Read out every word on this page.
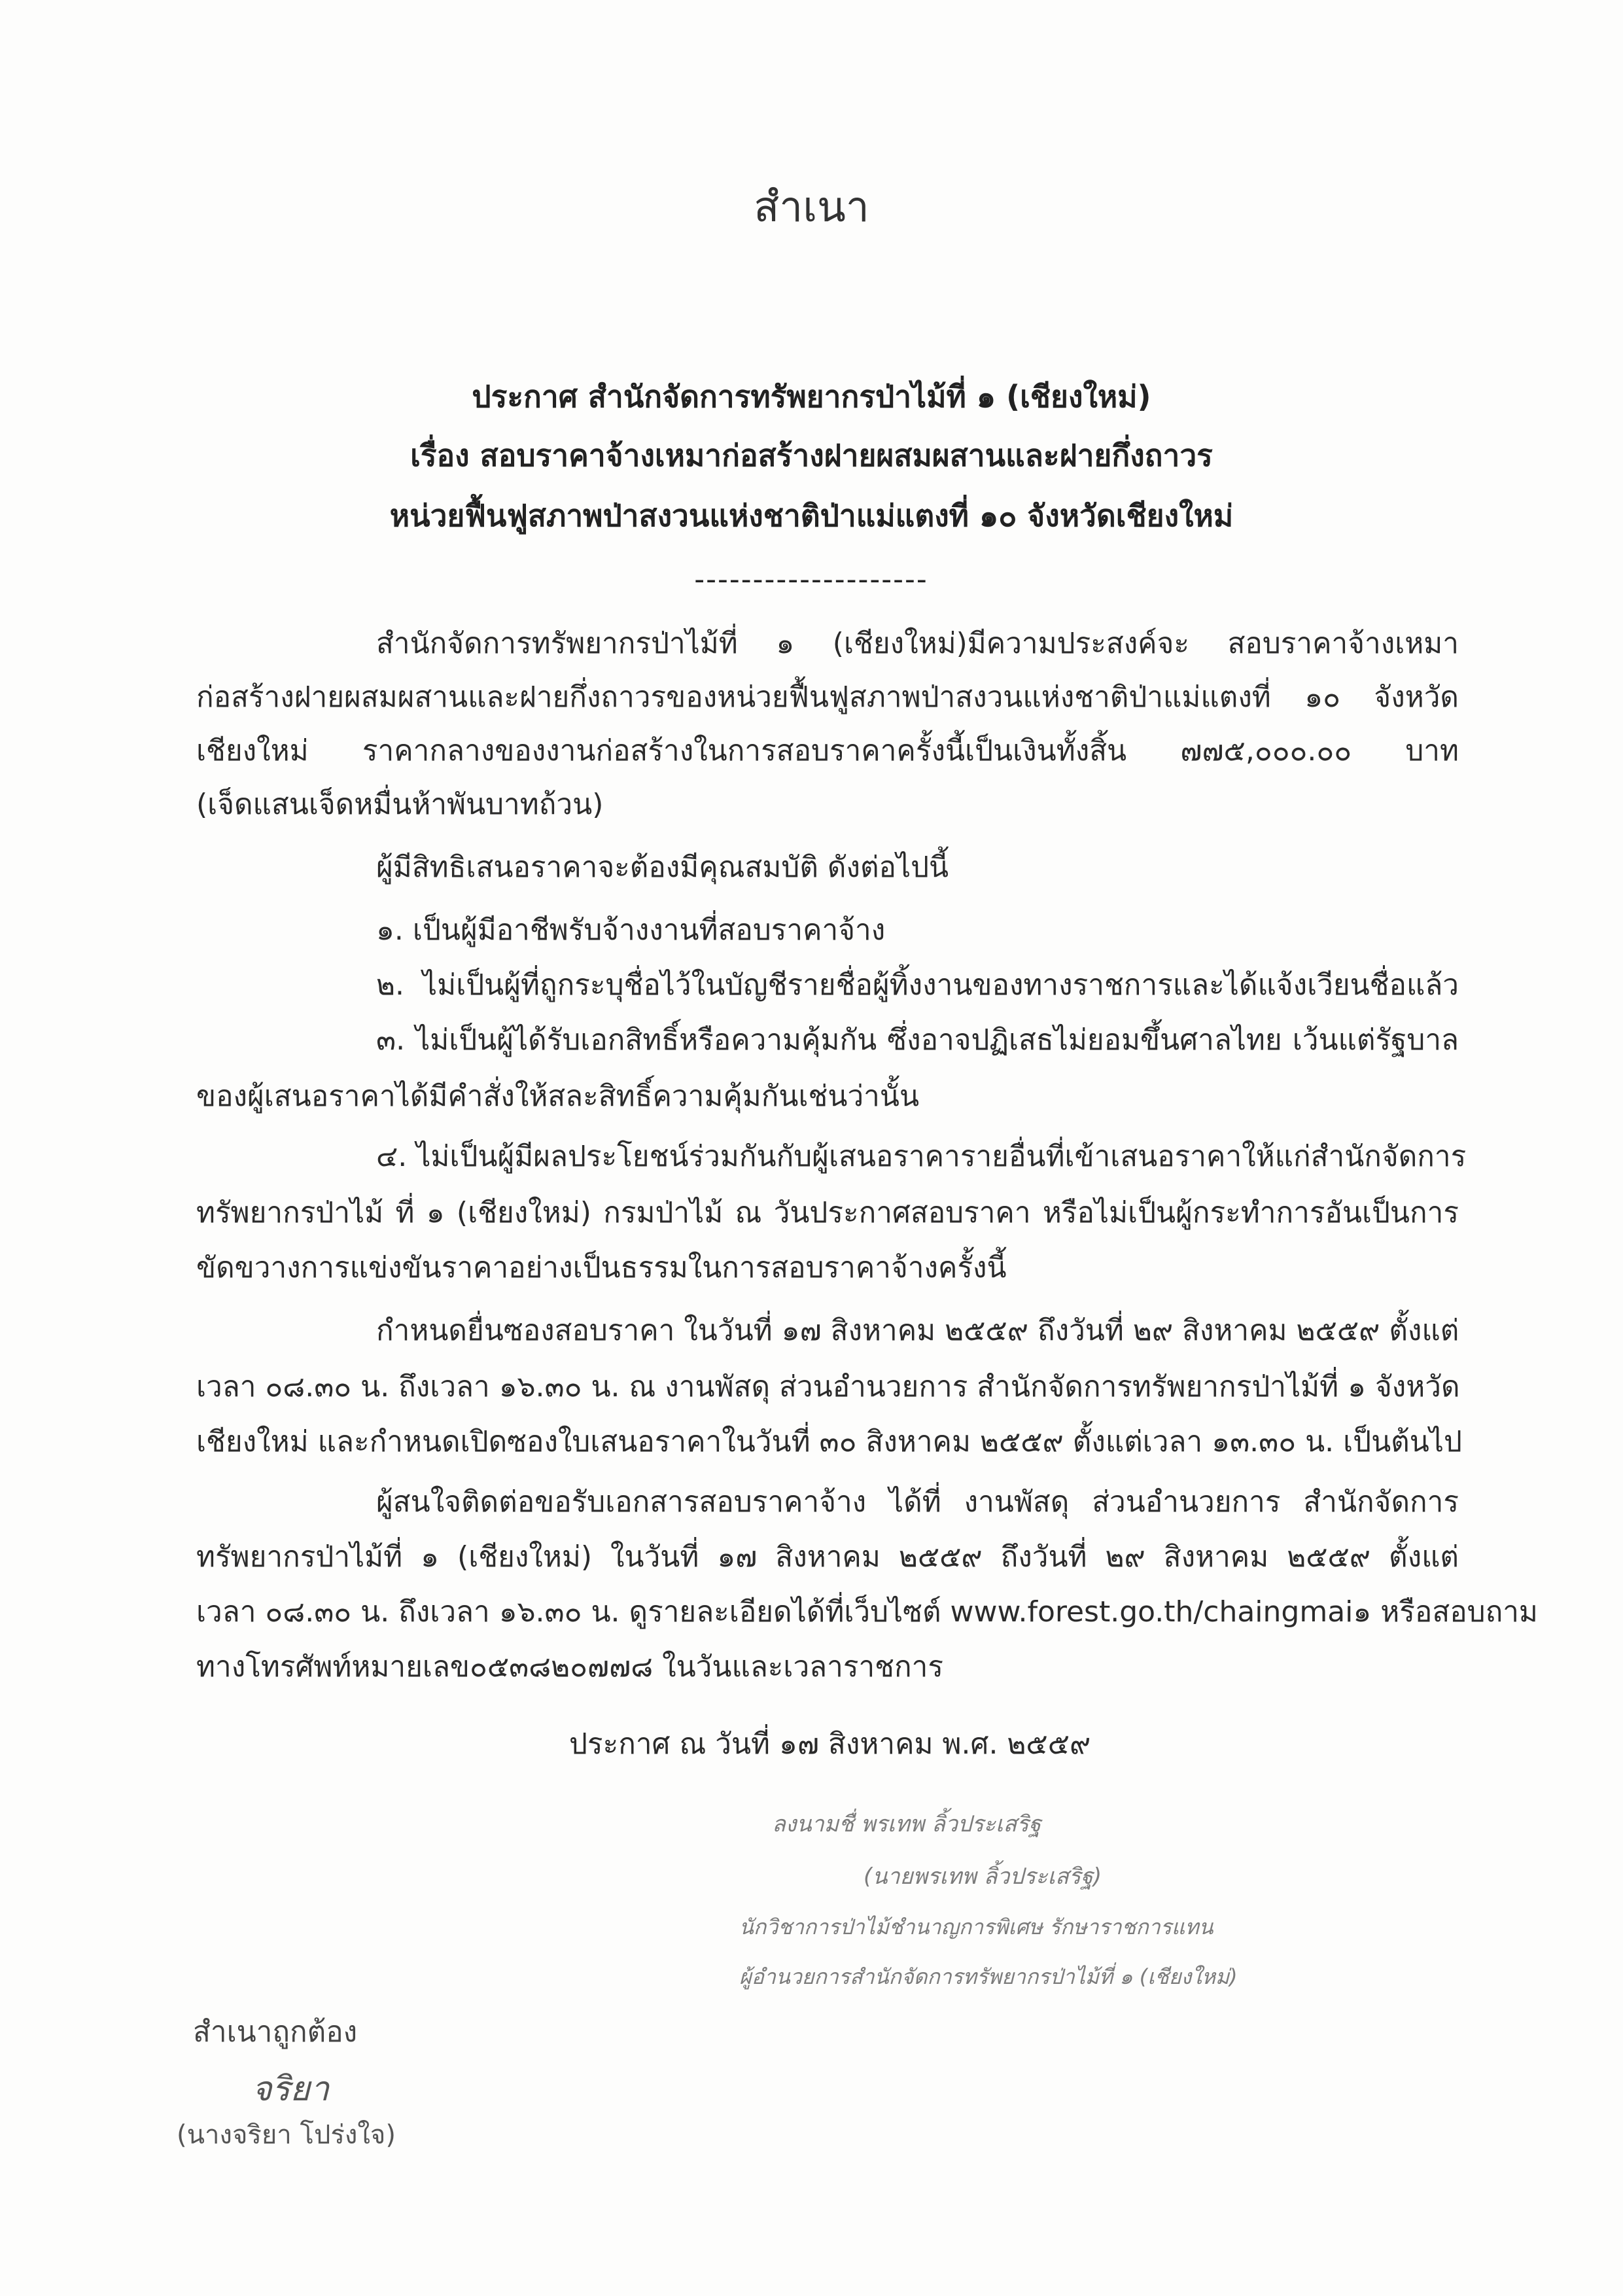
สำเนา
ประกาศ สำนักจัดการทรัพยากรป่าไม้ที่ ๑ (เชียงใหม่)
เรื่อง สอบราคาจ้างเหมาก่อสร้างฝายผสมผสานและฝายกึ่งถาวร
หน่วยฟื้นฟูสภาพป่าสงวนแห่งชาติป่าแม่แตงที่ ๑๐ จังหวัดเชียงใหม่
--------------------
สำนักจัดการทรัพยากรป่าไม้ที่ ๑ (เชียงใหม่)มีความประสงค์จะ สอบราคาจ้างเหมา
ก่อสร้างฝายผสมผสานและฝายกึ่งถาวรของหน่วยฟื้นฟูสภาพป่าสงวนแห่งชาติป่าแม่แตงที่ ๑๐ จังหวัด
เชียงใหม่ ราคากลางของงานก่อสร้างในการสอบราคาครั้งนี้เป็นเงินทั้งสิ้น ๗๗๕,๐๐๐.๐๐ บาท
(เจ็ดแสนเจ็ดหมื่นห้าพันบาทถ้วน)
ผู้มีสิทธิเสนอราคาจะต้องมีคุณสมบัติ ดังต่อไปนี้
๑. เป็นผู้มีอาชีพรับจ้างงานที่สอบราคาจ้าง
๒. ไม่เป็นผู้ที่ถูกระบุชื่อไว้ในบัญชีรายชื่อผู้ทิ้งงานของทางราชการและได้แจ้งเวียนชื่อแล้ว
๓. ไม่เป็นผู้ได้รับเอกสิทธิ์หรือความคุ้มกัน ซึ่งอาจปฏิเสธไม่ยอมขึ้นศาลไทย เว้นแต่รัฐบาล
ของผู้เสนอราคาได้มีคำสั่งให้สละสิทธิ์ความคุ้มกันเช่นว่านั้น
๔. ไม่เป็นผู้มีผลประโยชน์ร่วมกันกับผู้เสนอราคารายอื่นที่เข้าเสนอราคาให้แก่สำนักจัดการ
ทรัพยากรป่าไม้ ที่ ๑ (เชียงใหม่) กรมป่าไม้ ณ วันประกาศสอบราคา หรือไม่เป็นผู้กระทำการอันเป็นการ
ขัดขวางการแข่งขันราคาอย่างเป็นธรรมในการสอบราคาจ้างครั้งนี้
กำหนดยื่นซองสอบราคา ในวันที่ ๑๗ สิงหาคม ๒๕๕๙ ถึงวันที่ ๒๙ สิงหาคม ๒๕๕๙ ตั้งแต่
เวลา ๐๘.๓๐ น. ถึงเวลา ๑๖.๓๐ น. ณ งานพัสดุ ส่วนอำนวยการ สำนักจัดการทรัพยากรป่าไม้ที่ ๑ จังหวัด
เชียงใหม่ และกำหนดเปิดซองใบเสนอราคาในวันที่ ๓๐ สิงหาคม ๒๕๕๙ ตั้งแต่เวลา ๑๓.๓๐ น. เป็นต้นไป
ผู้สนใจติดต่อขอรับเอกสารสอบราคาจ้าง ได้ที่ งานพัสดุ ส่วนอำนวยการ สำนักจัดการ
ทรัพยากรป่าไม้ที่ ๑ (เชียงใหม่) ในวันที่ ๑๗ สิงหาคม ๒๕๕๙ ถึงวันที่ ๒๙ สิงหาคม ๒๕๕๙ ตั้งแต่
เวลา ๐๘.๓๐ น. ถึงเวลา ๑๖.๓๐ น. ดูรายละเอียดได้ที่เว็บไซต์ www.forest.go.th/chaingmai๑ หรือสอบถาม
ทางโทรศัพท์หมายเลข๐๕๓๘๒๐๗๗๘ ในวันและเวลาราชการ
ประกาศ ณ วันที่ ๑๗ สิงหาคม พ.ศ. ๒๕๕๙
ลงนามชื่ พรเทพ ลิ้วประเสริฐ
(นายพรเทพ ลิ้วประเสริฐ)
นักวิชาการป่าไม้ชำนาญการพิเศษ รักษาราชการแทน
ผู้อำนวยการสำนักจัดการทรัพยากรป่าไม้ที่ ๑ (เชียงใหม่)
สำเนาถูกต้อง
จริยา
(นางจริยา โปร่งใจ)
